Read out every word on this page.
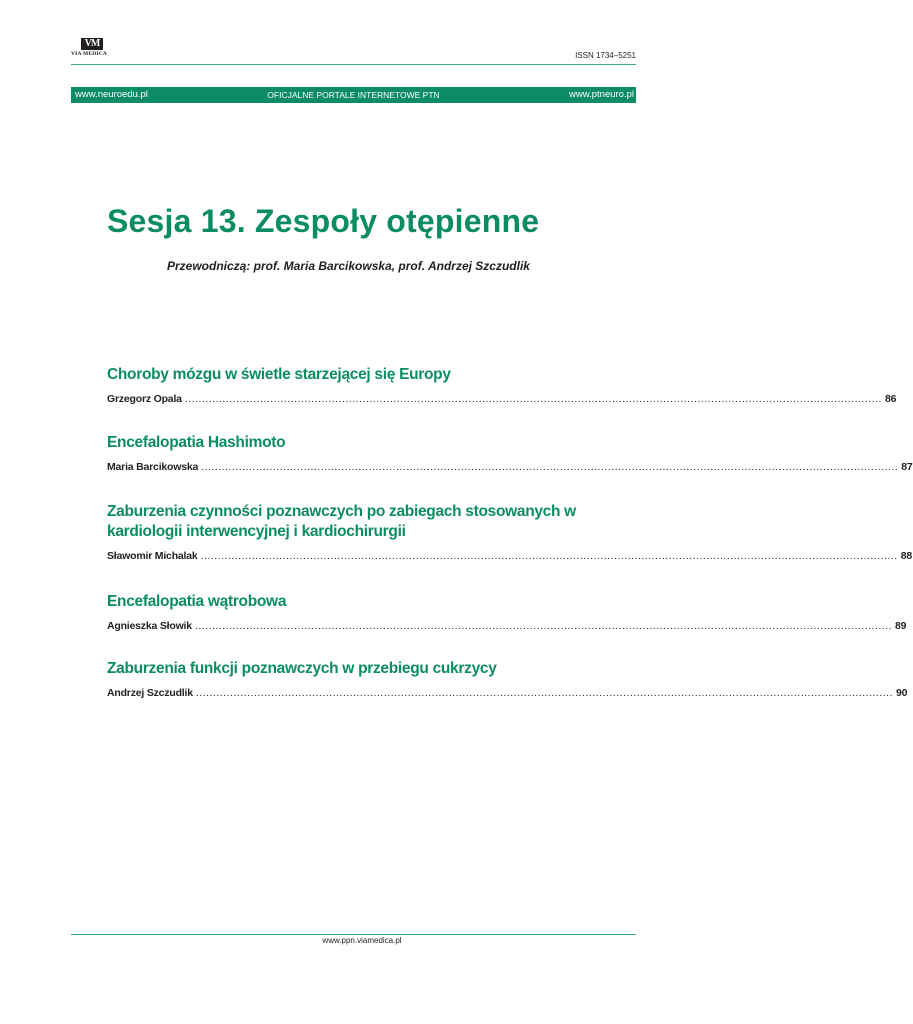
VM
VIA MEDICA	ISSN 1734–5251
www.neuroedu.pl	OFICJALNE PORTALE INTERNETOWE PTN	www.ptneuro.pl
Sesja 13. Zespoły otępienne
Przewodniczą: prof. Maria Barcikowska, prof. Andrzej Szczudlik
Choroby mózgu w świetle starzejącej się Europy
Grzegorz Opala ............................................................................................................................................................................................................ 86
Encefalopatia Hashimoto
Maria Barcikowska ............................................................................................................................................................................................................ 87
Zaburzenia czynności poznawczych po zabiegach stosowanych w kardiologii interwencyjnej i kardiochirurgii
Sławomir Michalak ............................................................................................................................................................................................................ 88
Encefalopatia wątrobowa
Agnieszka Słowik ............................................................................................................................................................................................................ 89
Zaburzenia funkcji poznawczych w przebiegu cukrzycy
Andrzej Szczudlik ............................................................................................................................................................................................................ 90
www.ppn.viamedica.pl
